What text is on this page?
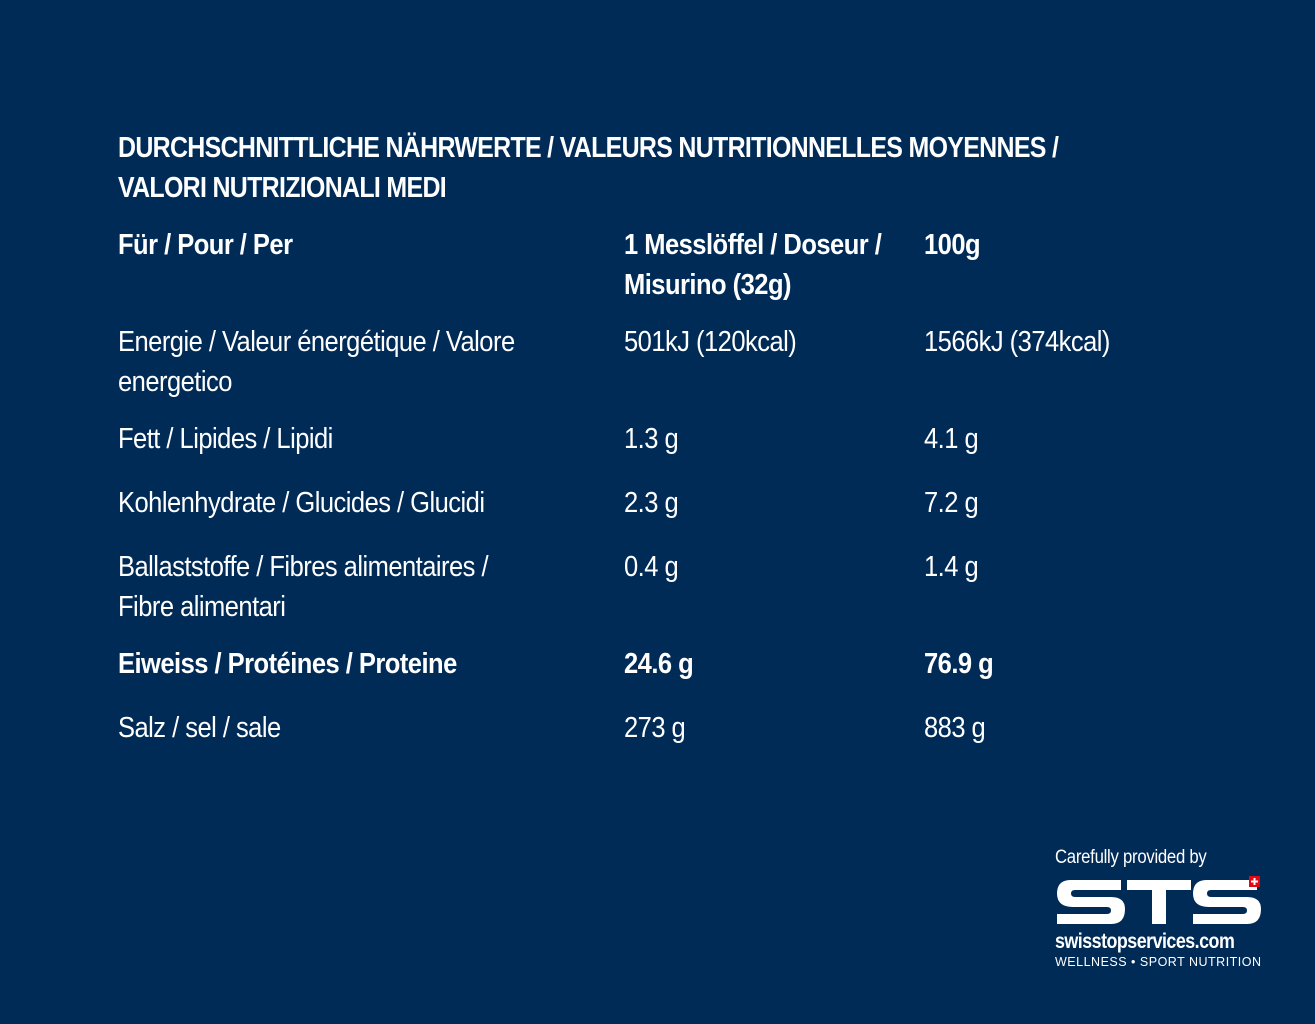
DURCHSCHNITTLICHE NÄHRWERTE / VALEURS NUTRITIONNELLES MOYENNES /
VALORI NUTRIZIONALI MEDI
Für / Pour / Per	1 Messlöffel / Doseur / Misurino (32g)	100g

Energie / Valeur énergétique / Valore energetico	501kJ (120kcal)	1566kJ (374kcal)
Fett / Lipides / Lipidi	1.3 g	4.1 g
Kohlenhydrate / Glucides / Glucidi	2.3 g	7.2 g

Ballaststoffe / Fibres alimentaires / Fibre alimentari	0.4 g	1.4 g
Eiweiss / Protéines / Proteine	24.6 g	76.9 g
Salz / sel / sale	273 g	883 g
Carefully provided by
swisstopservices.com
WELLNESS • SPORT NUTRITION
